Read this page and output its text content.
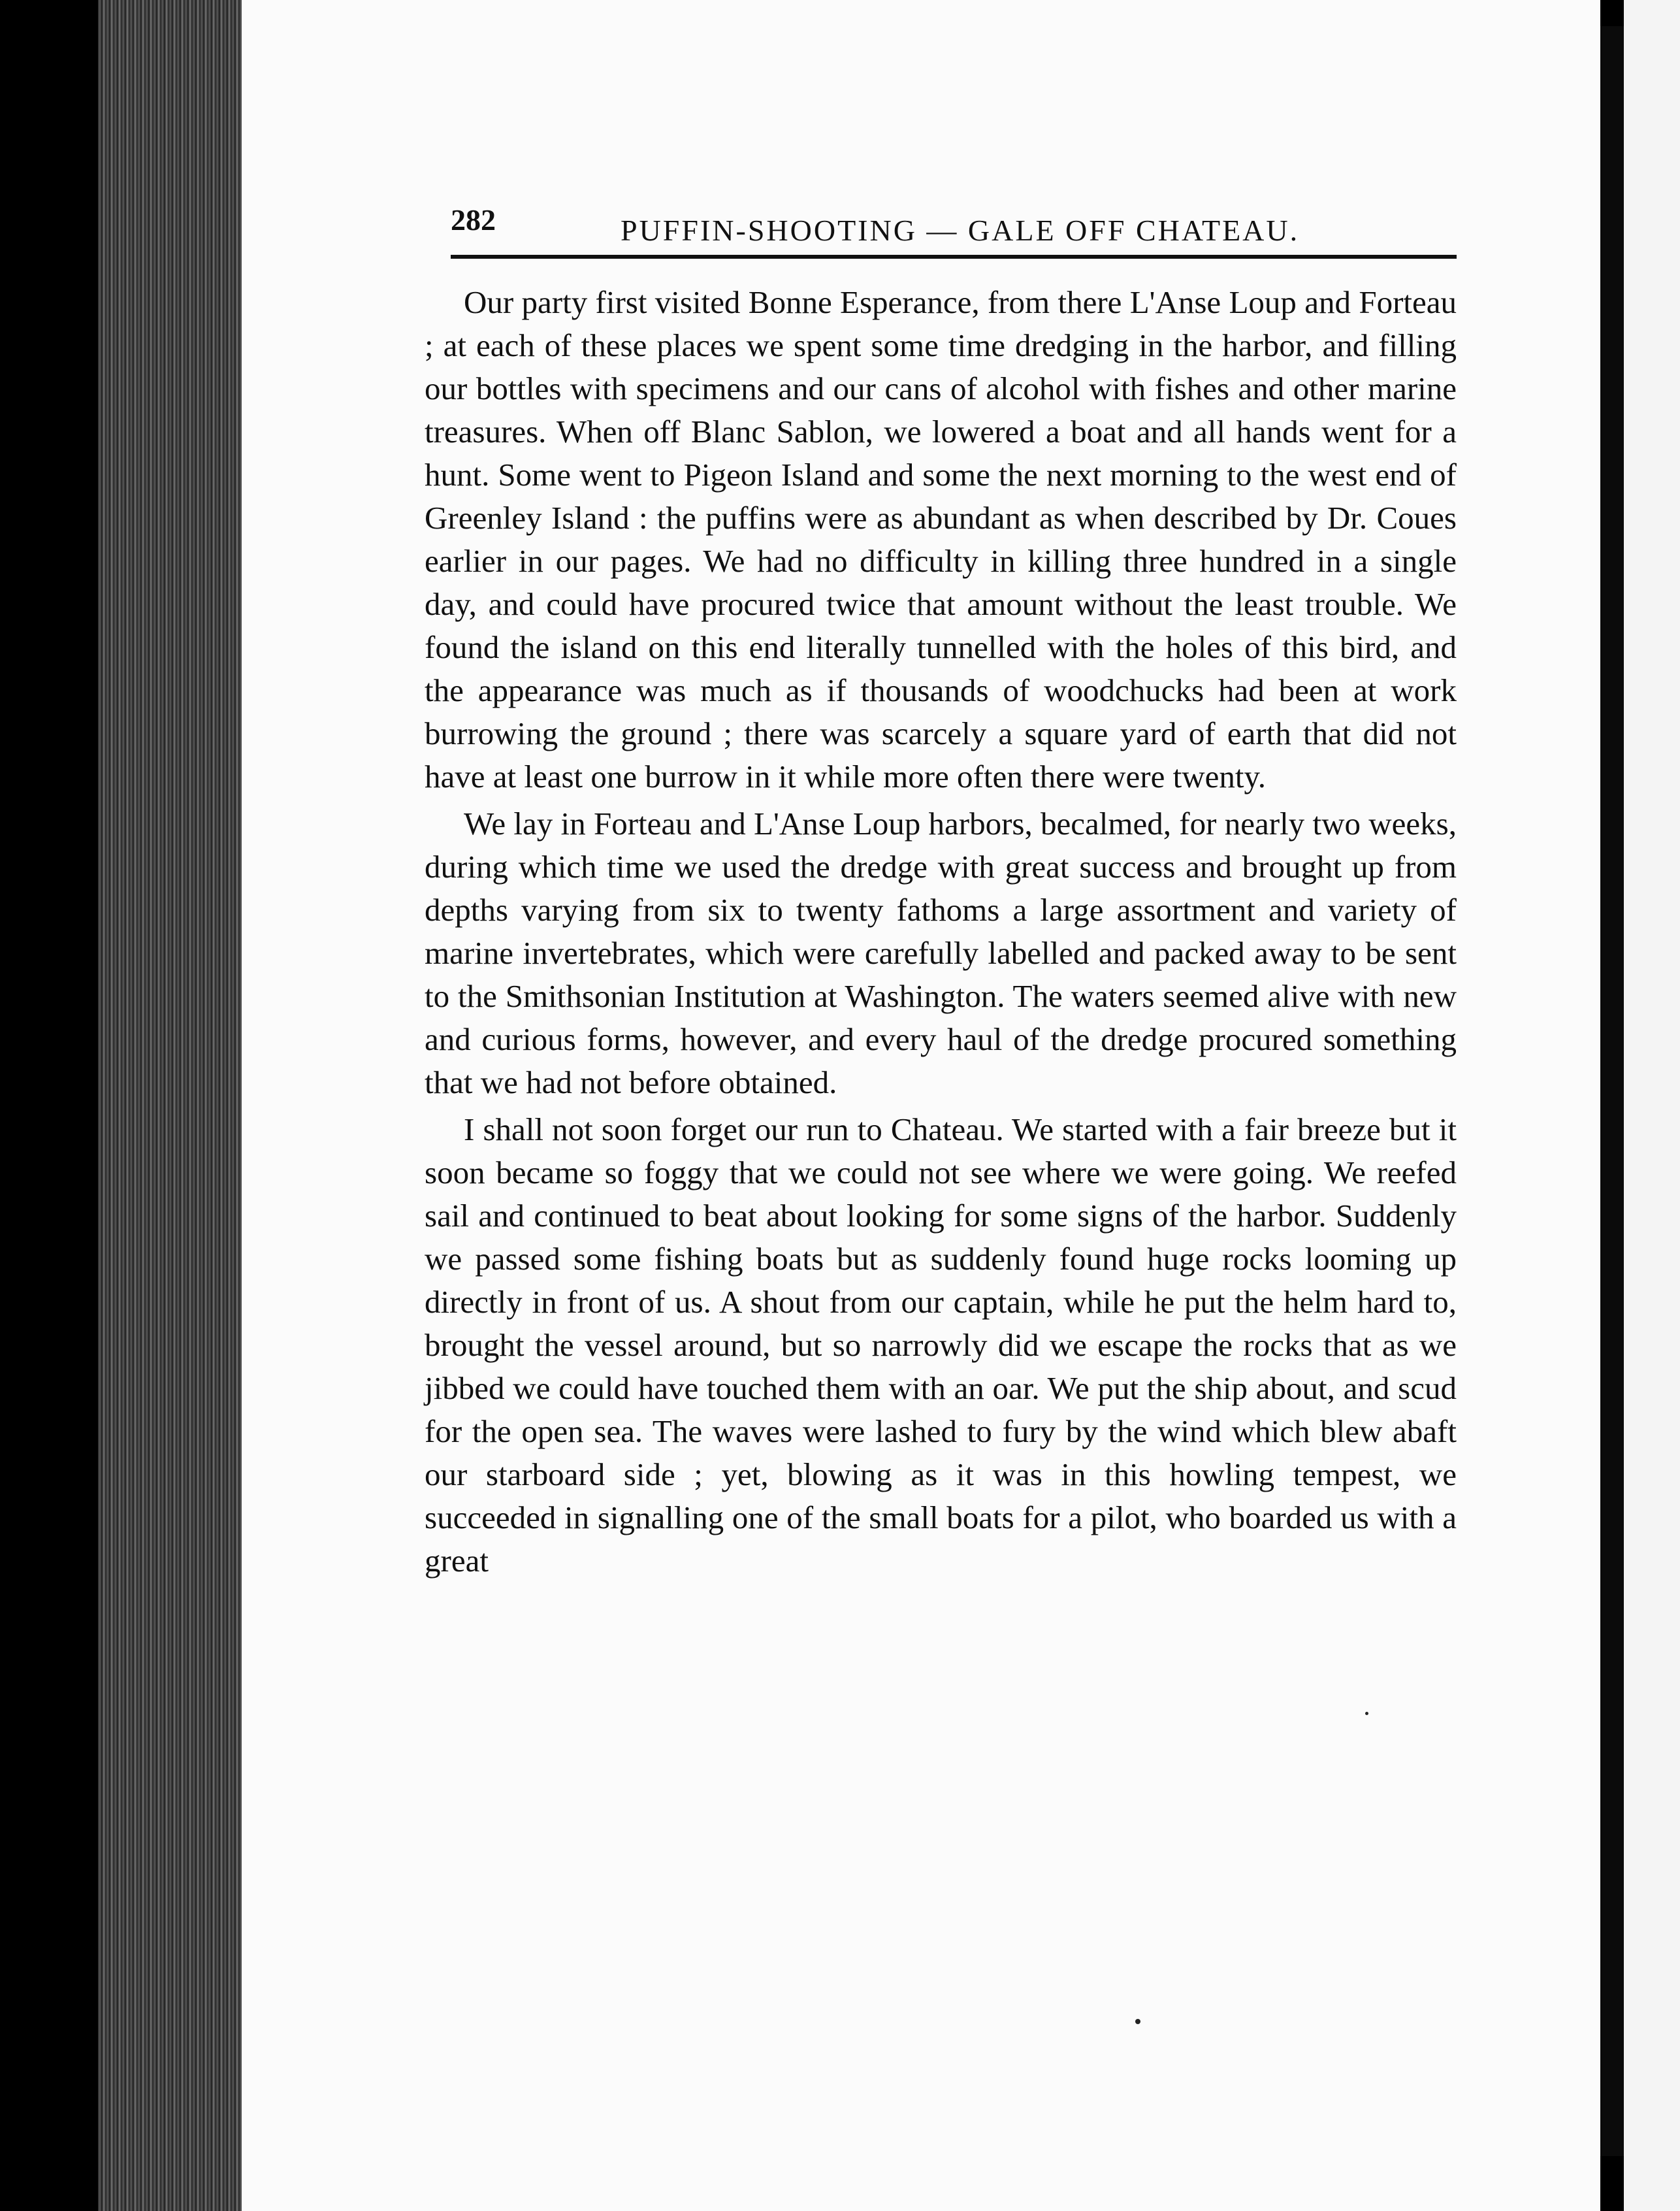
282	PUFFIN-SHOOTING — GALE OFF CHATEAU.

Our party first visited Bonne Esperance, from there L'Anse Loup and Forteau ; at each of these places we spent some time dredging in the harbor, and filling our bottles with specimens and our cans of alcohol with fishes and other marine treasures. When off Blanc Sablon, we lowered a boat and all hands went for a hunt. Some went to Pigeon Island and some the next morning to the west end of Greenley Island : the puffins were as abundant as when described by Dr. Coues earlier in our pages. We had no difficulty in killing three hundred in a single day, and could have procured twice that amount without the least trouble. We found the island on this end literally tunnelled with the holes of this bird, and the appearance was much as if thousands of woodchucks had been at work burrowing the ground ; there was scarcely a square yard of earth that did not have at least one burrow in it while more often there were twenty.

We lay in Forteau and L'Anse Loup harbors, becalmed, for nearly two weeks, during which time we used the dredge with great success and brought up from depths varying from six to twenty fathoms a large assortment and variety of marine invertebrates, which were carefully labelled and packed away to be sent to the Smithsonian Institution at Washington. The waters seemed alive with new and curious forms, however, and every haul of the dredge procured something that we had not before obtained.

I shall not soon forget our run to Chateau. We started with a fair breeze but it soon became so foggy that we could not see where we were going. We reefed sail and continued to beat about looking for some signs of the harbor. Suddenly we passed some fishing boats but as suddenly found huge rocks looming up directly in front of us. A shout from our captain, while he put the helm hard to, brought the vessel around, but so narrowly did we escape the rocks that as we jibbed we could have touched them with an oar. We put the ship about, and scud for the open sea. The waves were lashed to fury by the wind which blew abaft our starboard side ; yet, blowing as it was in this howling tempest, we succeeded in signalling one of the small boats for a pilot, who boarded us with a great
